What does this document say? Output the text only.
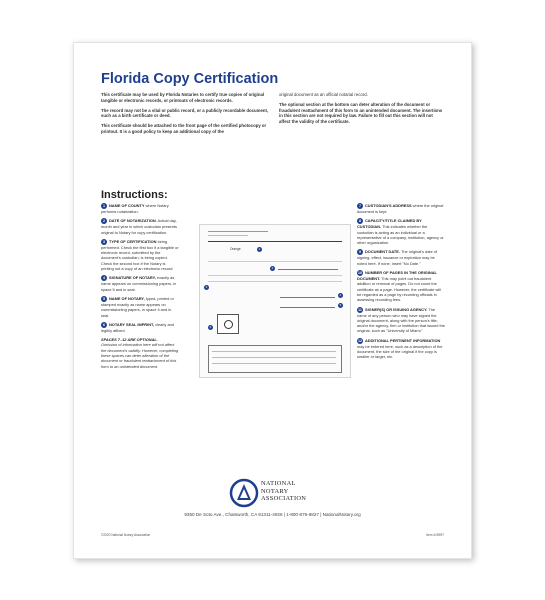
Florida Copy Certification

This certificate may be used by Florida Notaries to certify true copies of original tangible or electronic records, or printouts of electronic records.

The record may not be a vital or public record, or a publicly recordable document, such as a birth certificate or deed.

This certificate should be attached to the front page of the certified photocopy or printout. It is a good policy to keep an additional copy of the

original document as an official notarial record.

The optional section at the bottom can deter alteration of the document or fraudulent reattachment of this form to an unintended document. The insertions in this section are not required by law. Failure to fill out this section will not affect the validity of the certificate.

Instructions:
1 NAME OF COUNTY where Notary performs notarization.
2 DATE OF NOTARIZATION. Actual day, month and year in which custodian presents original to Notary for copy certification.
3 TYPE OF CERTIFICATION being performed. Check the first box if a tangible or electronic record, submitted by the document's custodian, is being copied. Check the second box if the Notary is printing out a copy of an electronic record.
4 SIGNATURE OF NOTARY, exactly as name appears on commissioning papers, in space 5 and in seal.
5 NAME OF NOTARY, typed, printed or stamped exactly as name appears on commissioning papers, in space 4 and in seal.
6 NOTARY SEAL IMPRINT, clearly and legibly affixed.
SPACES 7–12 ARE OPTIONAL.
Omission of information here will not affect the document's validity. However, completing these spaces can deter alteration of the document or fraudulent reattachment of this form to an unintended document.
Orange	1
2
3
4
5
6
7 CUSTODIAN'S ADDRESS where the original document is kept.
8 CAPACITY/TITLE CLAIMED BY CUSTODIAN. This indicates whether the custodian is acting as an individual or a representative of a company, institution, agency or other organization.
9 DOCUMENT DATE. The original's date of signing, effect, issuance or expiration may be noted here. If none, insert "No Date."
10 NUMBER OF PAGES IN THE ORIGINAL DOCUMENT. This may point out fraudulent addition or removal of pages. Do not count the certificate as a page. However, the certificate will be regarded as a page by recording officials in assessing recording fees.
11 SIGNER(S) OR ISSUING AGENCY. The name of any person who may have signed the original document, along with the person's title, and/or the agency, firm or institution that issued the original, such as "University of Miami."
12 ADDITIONAL PERTINENT INFORMATION may be entered here, such as a description of the document, the size of the original if the copy is smaller or larger, etc.
NATIONAL
NOTARY
ASSOCIATION
9350 De Soto Ave., Chatsworth, CA 91311-4926 | 1-800-876-6827 | NationalNotary.org
©2020 National Notary Association	Item #19997
